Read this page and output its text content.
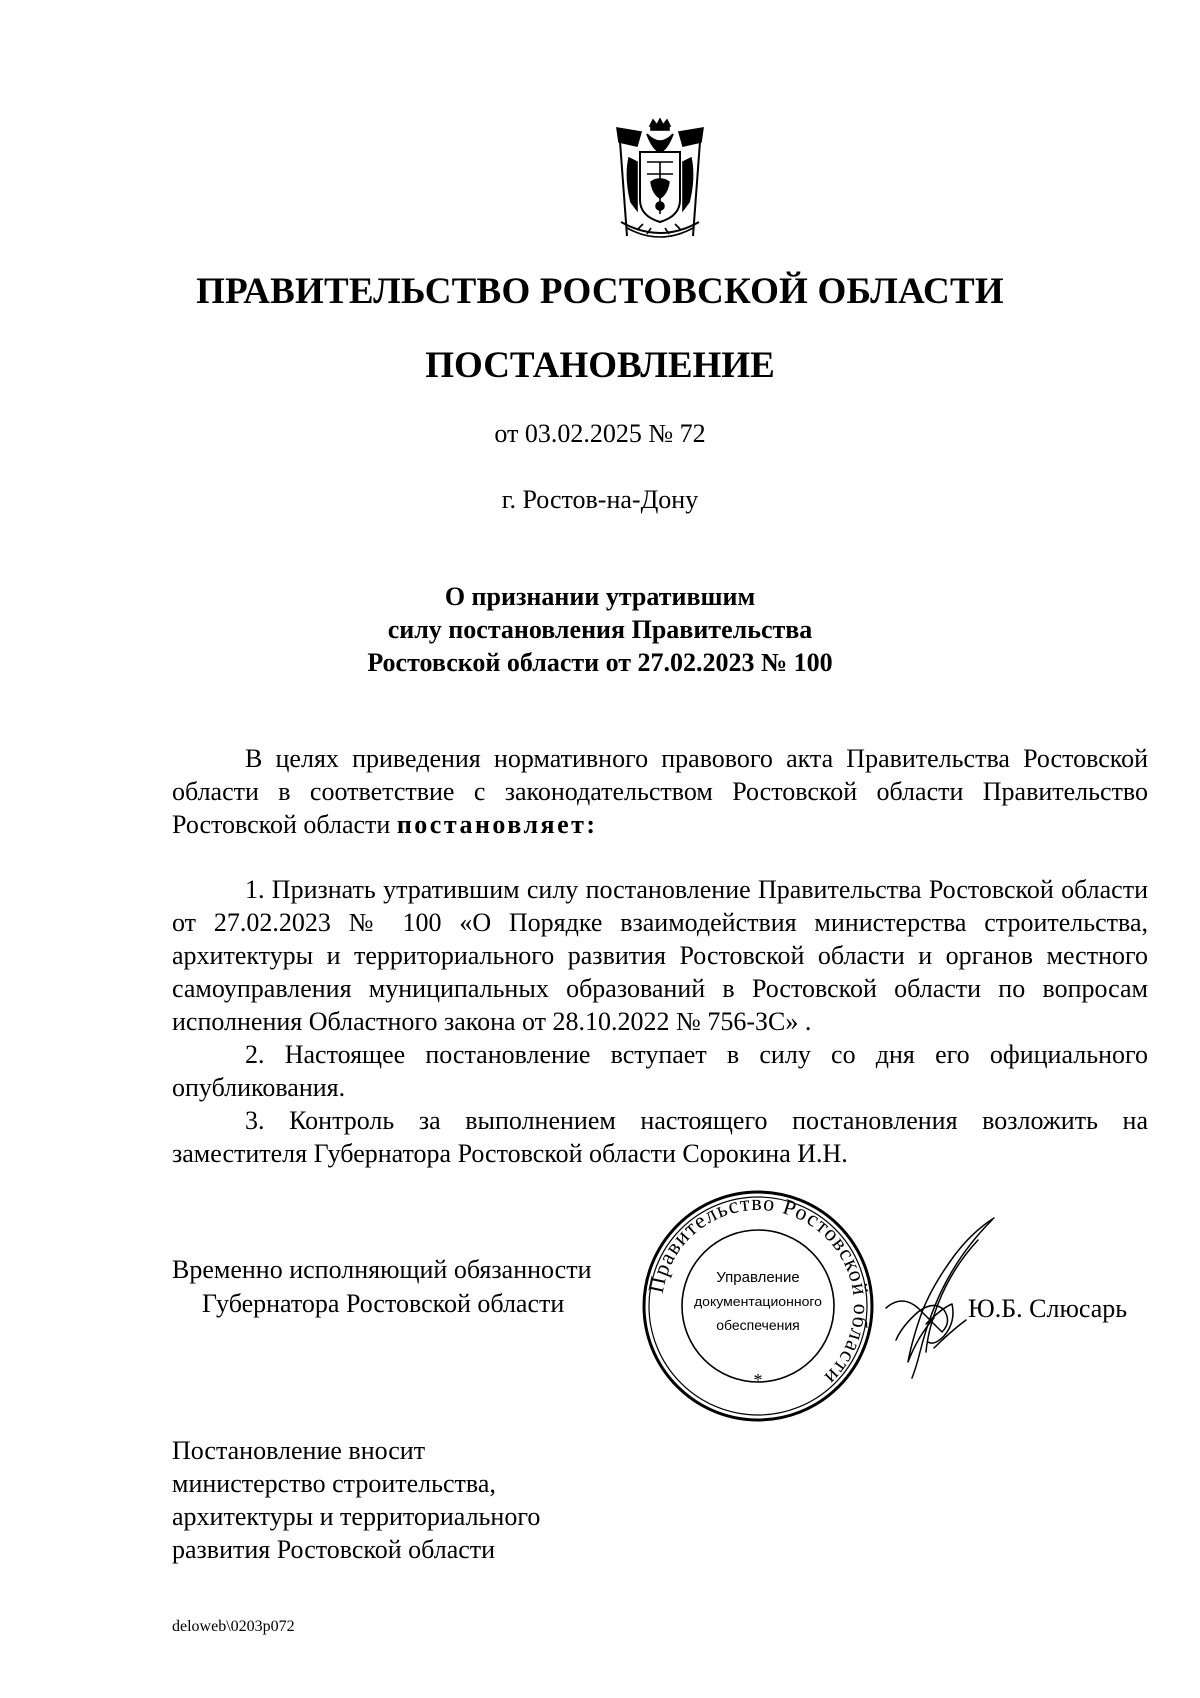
ПРАВИТЕЛЬСТВО РОСТОВСКОЙ ОБЛАСТИ
ПОСТАНОВЛЕНИЕ
от 03.02.2025 № 72
г. Ростов-на-Дону
О признании утратившим
силу постановления Правительства
Ростовской области от 27.02.2023 № 100

В целях приведения нормативного правового акта Правительства Ростовской области в соответствие с законодательством Ростовской области Правительство Ростовской области постановляет:

1. Признать утратившим силу постановление Правительства Ростовской области от 27.02.2023 № 100 «О Порядке взаимодействия министерства строительства, архитектуры и территориального развития Ростовской области и органов местного самоуправления муниципальных образований в Ростовской области по вопросам исполнения Областного закона от 28.10.2022 № 756-ЗС» .

2. Настоящее постановление вступает в силу со дня его официального опубликования.

3. Контроль за выполнением настоящего постановления возложить на заместителя Губернатора Ростовской области Сорокина И.Н.

Временно исполняющий обязанности
Губернатора Ростовской области
Правительство Ростовской области
*
Управление
документационного
обеспечения
Ю.Б. Слюсарь
Постановление вносит
министерство строительства,
архитектуры и территориального
развития Ростовской области
deloweb\0203p072
